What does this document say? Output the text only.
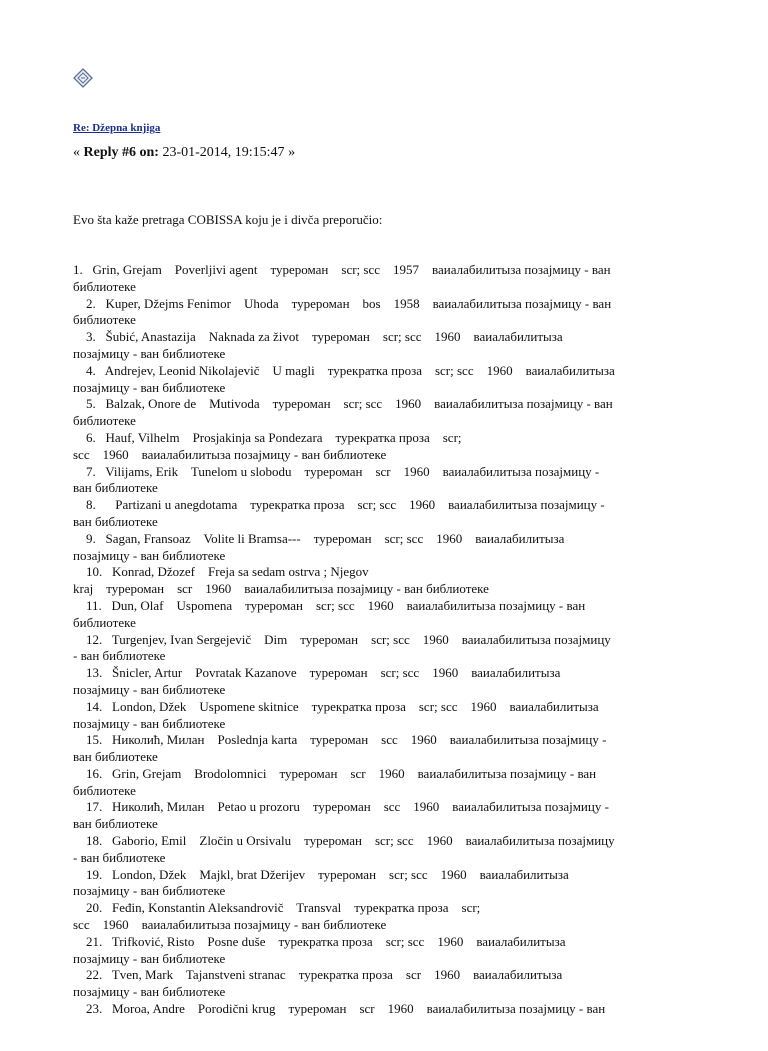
Re: Džepna knjiga
« Reply #6 on: 23-01-2014, 19:15:47 »

Evo šta kaže pretraga COBISSA koju je i divča preporučio:

1.   Grin, Grejam    Poverljivi agent    турероман    scr; scc    1957    ваиалабилитыза позајмицу - ван
библиотеке
2.   Kuper, Džejms Fenimor    Uhoda    турероман    bos    1958    ваиалабилитыза позајмицу - ван
библиотеке
3.   Šubić, Anastazija    Naknada za život    турероман    scr; scc    1960    ваиалабилитыза
позајмицу - ван библиотеке
4.   Andrejev, Leonid Nikolajevič    U magli    турекратка проза    scr; scc    1960    ваиалабилитыза
позајмицу - ван библиотеке
5.   Balzak, Onore de    Mutivoda    турероман    scr; scc    1960    ваиалабилитыза позајмицу - ван
библиотеке
6.   Hauf, Vilhelm    Prosjakinja sa Pondezara    турекратка проза    scr;
scc    1960    ваиалабилитыза позајмицу - ван библиотеке
7.   Vilijams, Erik    Tunelom u slobodu    турероман    scr    1960    ваиалабилитыза позајмицу -
ван библиотеке
8.      Partizani u anegdotama    турекратка проза    scr; scc    1960    ваиалабилитыза позајмицу -
ван библиотеке
9.   Sagan, Fransoaz    Volite li Bramsa---    турероман    scr; scc    1960    ваиалабилитыза
позајмицу - ван библиотеке
10.   Konrad, Džozef    Freja sa sedam ostrva ; Njegov
kraj    турероман    scr    1960    ваиалабилитыза позајмицу - ван библиотеке
11.   Dun, Olaf    Uspomena    турероман    scr; scc    1960    ваиалабилитыза позајмицу - ван
библиотеке
12.   Turgenjev, Ivan Sergejevič    Dim    турероман    scr; scc    1960    ваиалабилитыза позајмицу
- ван библиотеке
13.   Šnicler, Artur    Povratak Kazanove    турероман    scr; scc    1960    ваиалабилитыза
позајмицу - ван библиотеке
14.   London, Džek    Uspomene skitnice    турекратка проза    scr; scc    1960    ваиалабилитыза
позајмицу - ван библиотеке
15.   Николић, Милан    Poslednja karta    турероман    scc    1960    ваиалабилитыза позајмицу -
ван библиотеке
16.   Grin, Grejam    Brodolomnici    турероман    scr    1960    ваиалабилитыза позајмицу - ван
библиотеке
17.   Николић, Милан    Petao u prozoru    турероман    scc    1960    ваиалабилитыза позајмицу -
ван библиотеке
18.   Gaborio, Emil    Zločin u Orsivalu    турероман    scr; scc    1960    ваиалабилитыза позајмицу
- ван библиотеке
19.   London, Džek    Majkl, brat Džerijev    турероман    scr; scc    1960    ваиалабилитыза
позајмицу - ван библиотеке
20.   Feđin, Konstantin Aleksandrovič    Transval    турекратка проза    scr;
scc    1960    ваиалабилитыза позајмицу - ван библиотеке
21.   Trifković, Risto    Posne duše    турекратка проза    scr; scc    1960    ваиалабилитыза
позајмицу - ван библиотеке
22.   Tven, Mark    Tajanstveni stranac    турекратка проза    scr    1960    ваиалабилитыза
позајмицу - ван библиотеке
23.   Moroa, Andre    Porodični krug    турероман    scr    1960    ваиалабилитыза позајмицу - ван
